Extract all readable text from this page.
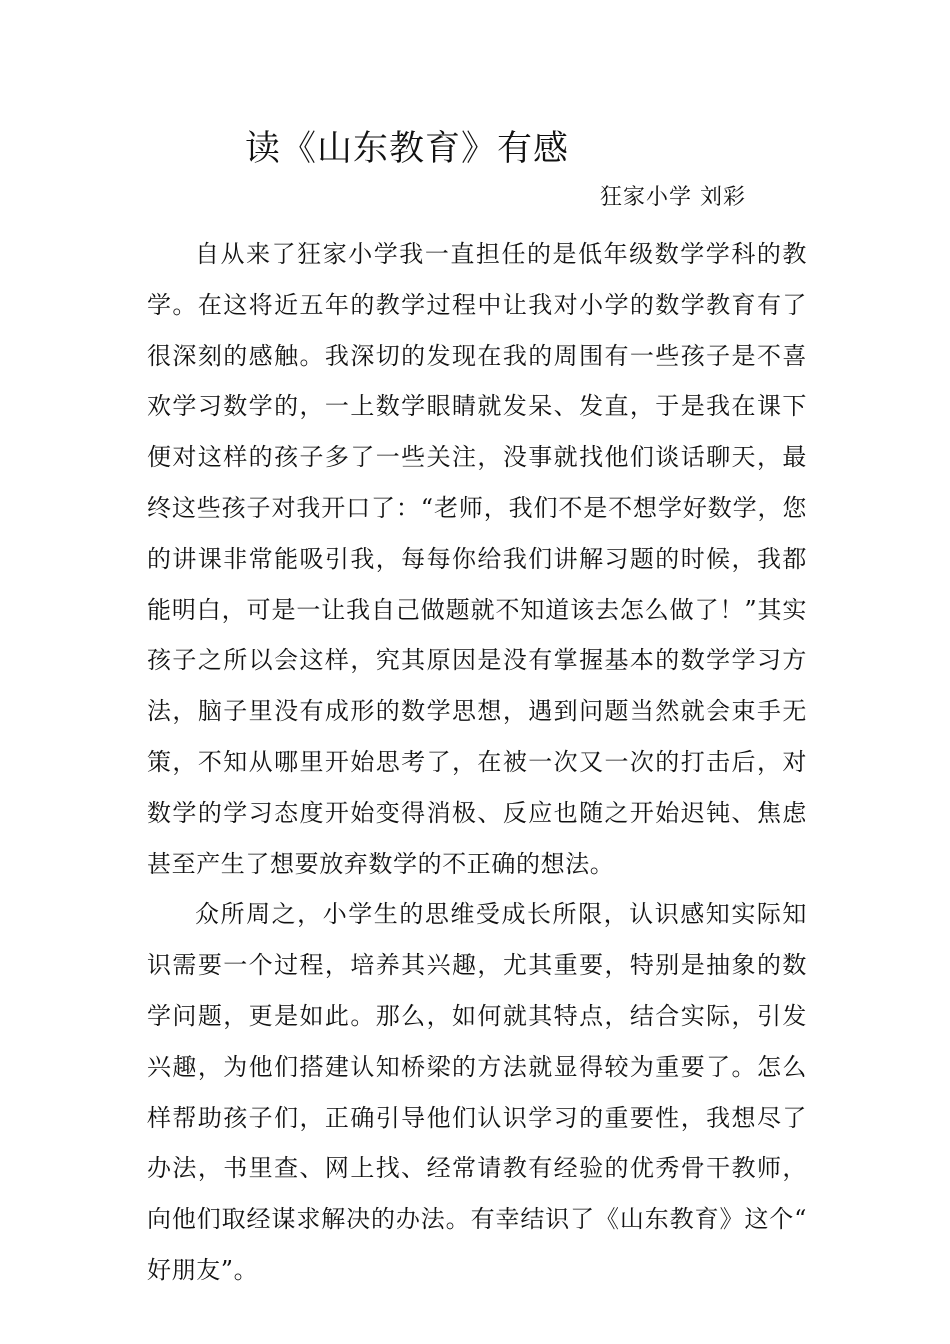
读《山东教育》有感
狂家小学 刘彩

自从来了狂家小学我一直担任的是低年级数学学科的教学。在这将近五年的教学过程中让我对小学的数学教育有了很深刻的感触。我深切的发现在我的周围有一些孩子是不喜欢学习数学的，一上数学眼睛就发呆、发直，于是我在课下便对这样的孩子多了一些关注，没事就找他们谈话聊天，最终这些孩子对我开口了：“老师，我们不是不想学好数学，您的讲课非常能吸引我，每每你给我们讲解习题的时候，我都能明白，可是一让我自己做题就不知道该去怎么做了！”其实孩子之所以会这样，究其原因是没有掌握基本的数学学习方法，脑子里没有成形的数学思想，遇到问题当然就会束手无策，不知从哪里开始思考了，在被一次又一次的打击后，对数学的学习态度开始变得消极、反应也随之开始迟钝、焦虑甚至产生了想要放弃数学的不正确的想法。

众所周之，小学生的思维受成长所限，认识感知实际知识需要一个过程，培养其兴趣，尤其重要，特别是抽象的数学问题，更是如此。那么，如何就其特点，结合实际，引发兴趣，为他们搭建认知桥梁的方法就显得较为重要了。怎么样帮助孩子们，正确引导他们认识学习的重要性，我想尽了办法，书里查、网上找、经常请教有经验的优秀骨干教师，向他们取经谋求解决的办法。有幸结识了《山东教育》这个“好朋友”。
